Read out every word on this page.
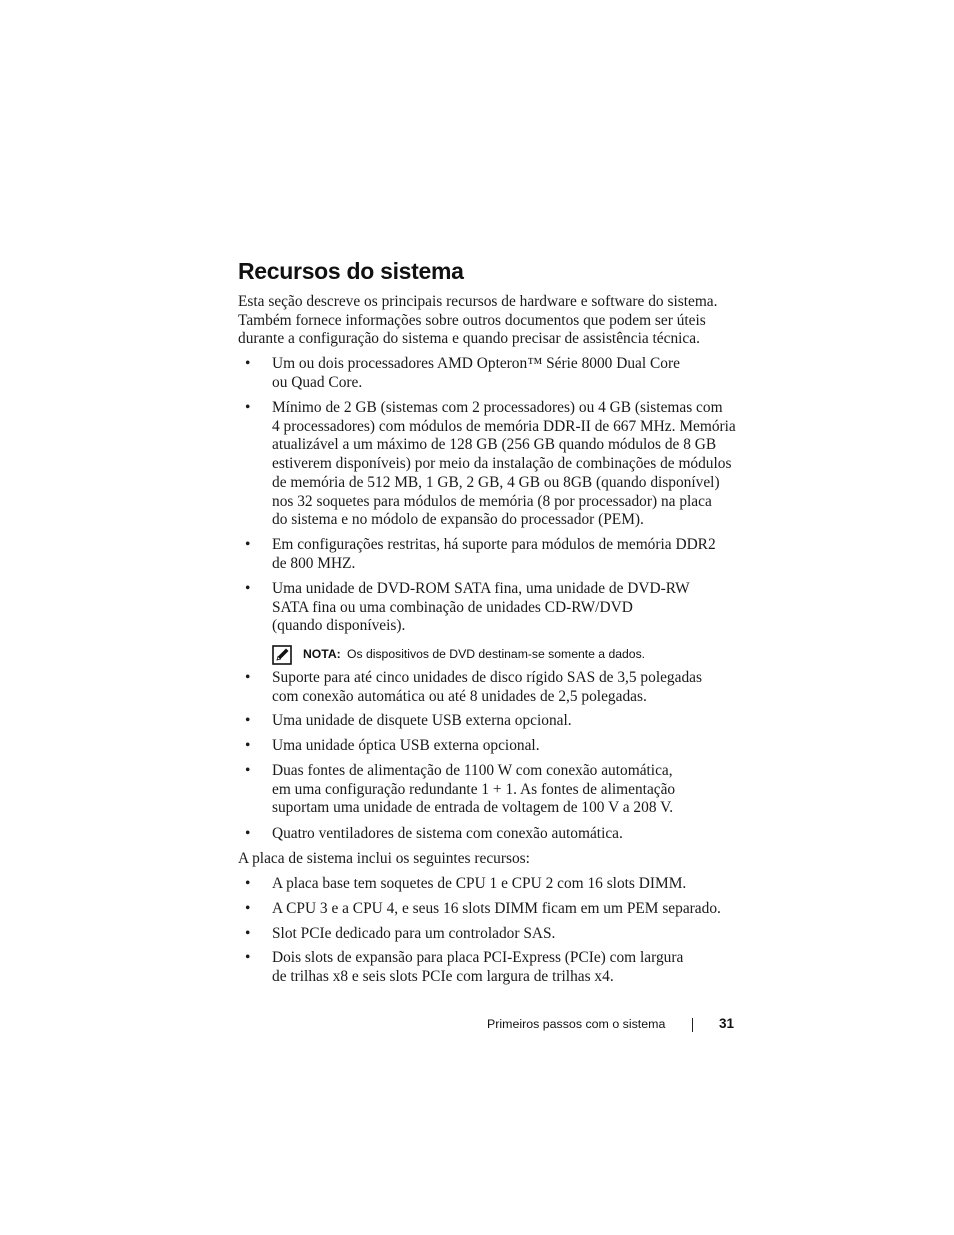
Recursos do sistema
Esta seção descreve os principais recursos de hardware e software do sistema.
Também fornece informações sobre outros documentos que podem ser úteis
durante a configuração do sistema e quando precisar de assistência técnica.
• Um ou dois processadores AMD Opteron™ Série 8000 Dual Core
ou Quad Core.
• Mínimo de 2 GB (sistemas com 2 processadores) ou 4 GB (sistemas com
4 processadores) com módulos de memória DDR-II de 667 MHz. Memória
atualizável a um máximo de 128 GB (256 GB quando módulos de 8 GB
estiverem disponíveis) por meio da instalação de combinações de módulos
de memória de 512 MB, 1 GB, 2 GB, 4 GB ou 8GB (quando disponível)
nos 32 soquetes para módulos de memória (8 por processador) na placa
do sistema e no módolo de expansão do processador (PEM).
• Em configurações restritas, há suporte para módulos de memória DDR2
de 800 MHZ.
• Uma unidade de DVD-ROM SATA fina, uma unidade de DVD-RW
SATA fina ou uma combinação de unidades CD-RW/DVD
(quando disponíveis).
NOTA: Os dispositivos de DVD destinam-se somente a dados.
• Suporte para até cinco unidades de disco rígido SAS de 3,5 polegadas
com conexão automática ou até 8 unidades de 2,5 polegadas.
• Uma unidade de disquete USB externa opcional.
• Uma unidade óptica USB externa opcional.
• Duas fontes de alimentação de 1100 W com conexão automática,
em uma configuração redundante 1 + 1. As fontes de alimentação
suportam uma unidade de entrada de voltagem de 100 V a 208 V.
• Quatro ventiladores de sistema com conexão automática.
A placa de sistema inclui os seguintes recursos:
• A placa base tem soquetes de CPU 1 e CPU 2 com 16 slots DIMM.
• A CPU 3 e a CPU 4, e seus 16 slots DIMM ficam em um PEM separado.
• Slot PCIe dedicado para um controlador SAS.
• Dois slots de expansão para placa PCI-Express (PCIe) com largura
de trilhas x8 e seis slots PCIe com largura de trilhas x4.
Primeiros passos com o sistema	31
